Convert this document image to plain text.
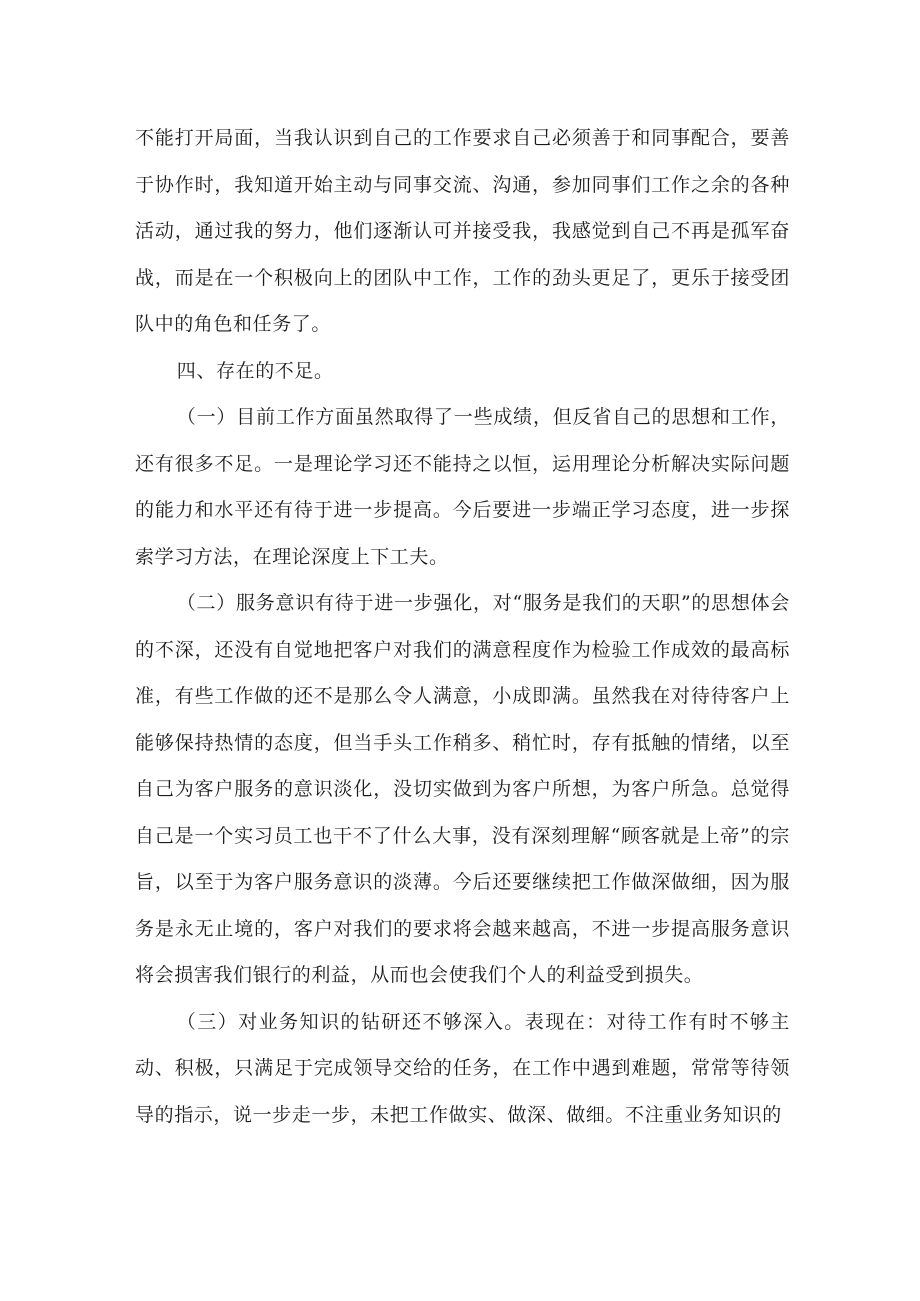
不能打开局面，当我认识到自己的工作要求自己必须善于和同事配合，要善于协作时，我知道开始主动与同事交流、沟通，参加同事们工作之余的各种活动，通过我的努力，他们逐渐认可并接受我，我感觉到自己不再是孤军奋战，而是在一个积极向上的团队中工作，工作的劲头更足了，更乐于接受团队中的角色和任务了。

四、存在的不足。

（一）目前工作方面虽然取得了一些成绩，但反省自己的思想和工作，还有很多不足。一是理论学习还不能持之以恒，运用理论分析解决实际问题的能力和水平还有待于进一步提高。今后要进一步端正学习态度，进一步探索学习方法，在理论深度上下工夫。

（二）服务意识有待于进一步强化，对“服务是我们的天职”的思想体会的不深，还没有自觉地把客户对我们的满意程度作为检验工作成效的最高标准，有些工作做的还不是那么令人满意，小成即满。虽然我在对待待客户上能够保持热情的态度，但当手头工作稍多、稍忙时，存有抵触的情绪，以至自己为客户服务的意识淡化，没切实做到为客户所想，为客户所急。总觉得自己是一个实习员工也干不了什么大事，没有深刻理解“顾客就是上帝”的宗旨，以至于为客户服务意识的淡薄。今后还要继续把工作做深做细，因为服务是永无止境的，客户对我们的要求将会越来越高，不进一步提高服务意识将会损害我们银行的利益，从而也会使我们个人的利益受到损失。

（三）对业务知识的钻研还不够深入。表现在：对待工作有时不够主动、积极，只满足于完成领导交给的任务，在工作中遇到难题，常常等待领导的指示，说一步走一步，未把工作做实、做深、做细。不注重业务知识的
